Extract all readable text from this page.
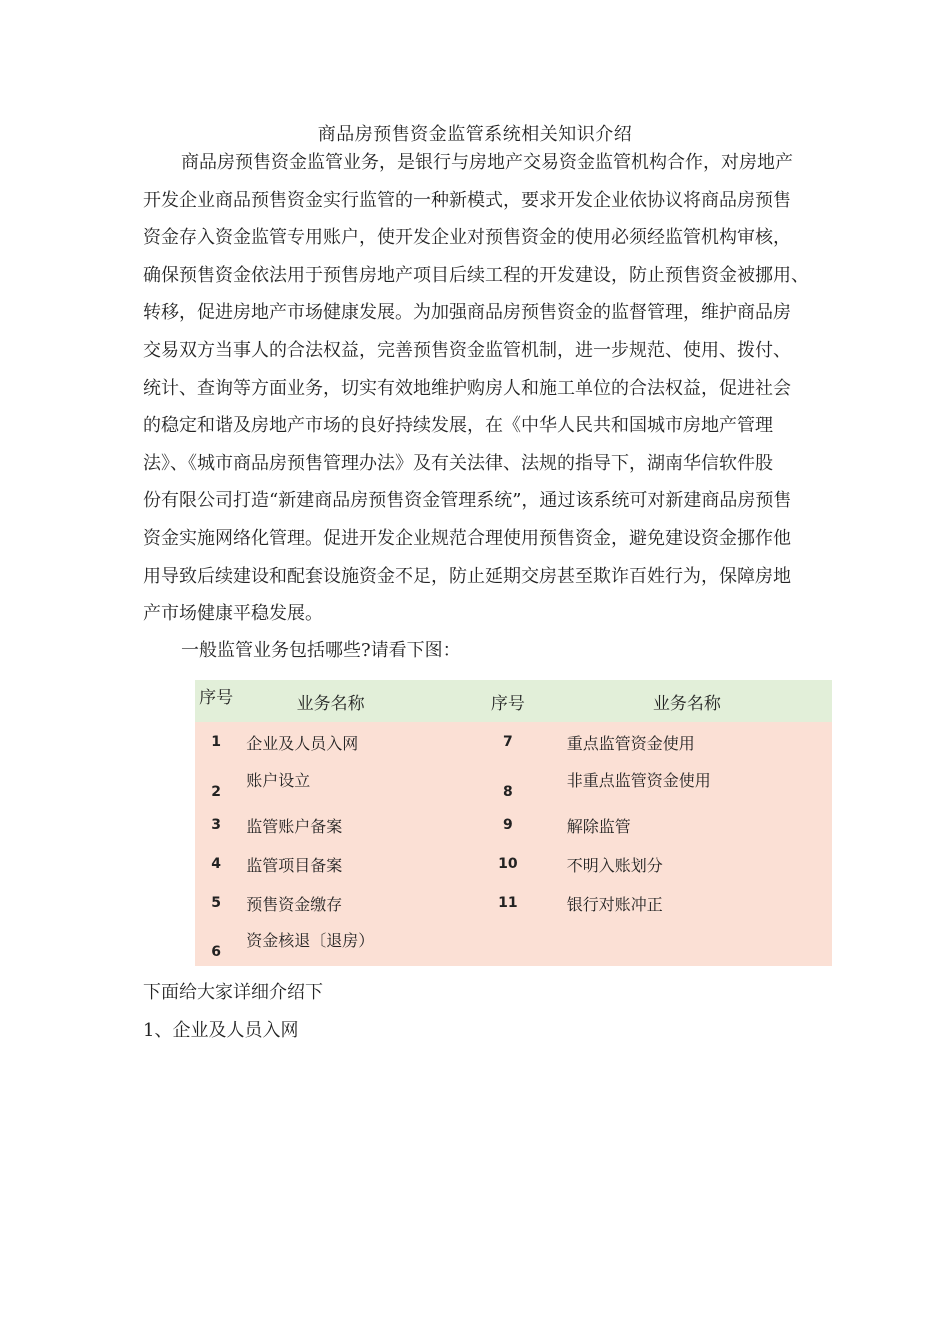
商品房预售资金监管系统相关知识介绍
商品房预售资金监管业务，是银行与房地产交易资金监管机构合作，对房地产
开发企业商品预售资金实行监管的一种新模式，要求开发企业依协议将商品房预售
资金存入资金监管专用账户，使开发企业对预售资金的使用必须经监管机构审核，
确保预售资金依法用于预售房地产项目后续工程的开发建设，防止预售资金被挪用、
转移，促进房地产市场健康发展。为加强商品房预售资金的监督管理，维护商品房
交易双方当事人的合法权益，完善预售资金监管机制，进一步规范、使用、拨付、
统计、查询等方面业务，切实有效地维护购房人和施工单位的合法权益，促进社会
的稳定和谐及房地产市场的良好持续发展，在《中华人民共和国城市房地产管理
法》、《城市商品房预售管理办法》及有关法律、法规的指导下，湖南华信软件股
份有限公司打造“新建商品房预售资金管理系统”，通过该系统可对新建商品房预售
资金实施网络化管理。促进开发企业规范合理使用预售资金，避免建设资金挪作他
用导致后续建设和配套设施资金不足，防止延期交房甚至欺诈百姓行为，保障房地
产市场健康平稳发展。
一般监管业务包括哪些?请看下图：
序号	业务名称	序号	业务名称
1	企业及人员入网	7	重点监管资金使用
2	账户设立	8	非重点监管资金使用
3	监管账户备案	9	解除监管
4	监管项目备案	10	不明入账划分
5	预售资金缴存	11	银行对账冲正
6	资金核退〔退房）		
下面给大家详细介绍下
1、企业及人员入网
